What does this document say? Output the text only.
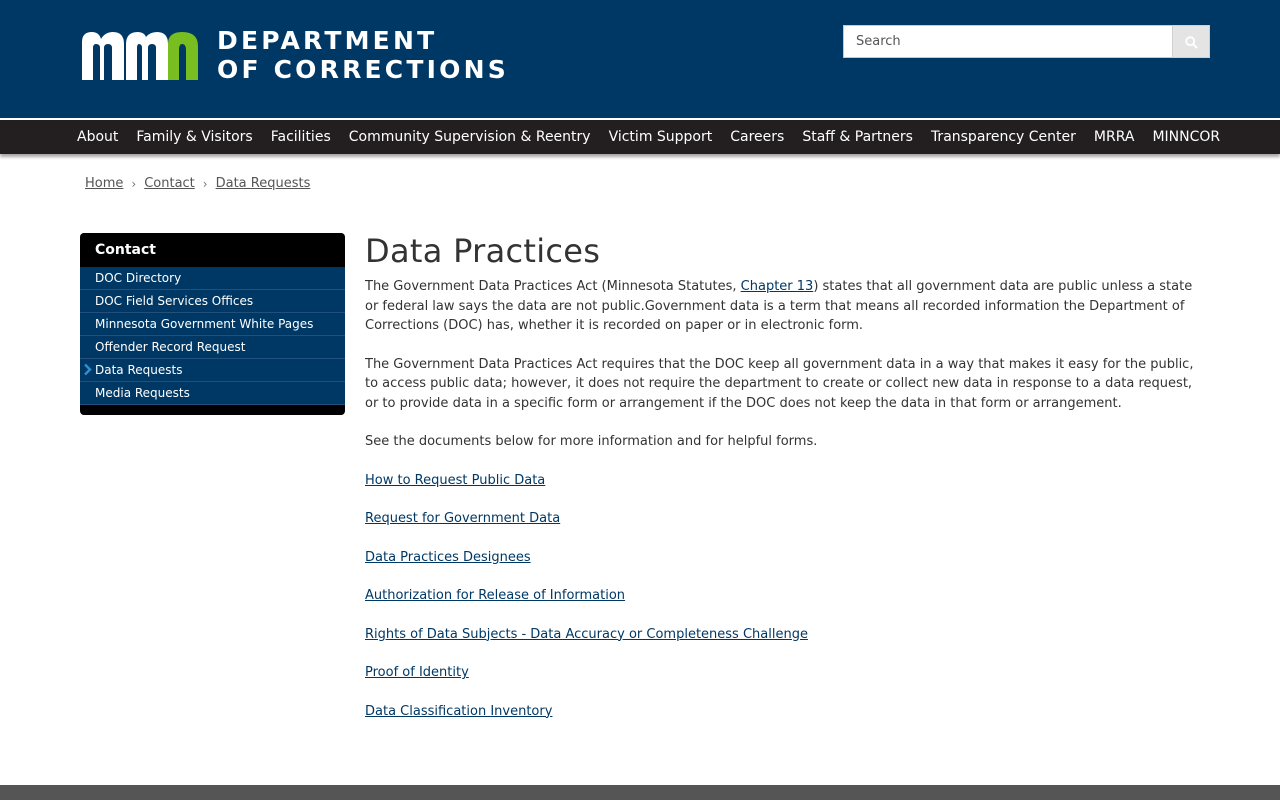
DEPARTMENT
OF CORRECTIONS
Search
About	Family & Visitors	Facilities	Community Supervision & Reentry	Victim Support	Careers	Staff & Partners	Transparency Center	MRRA	MINNCOR
Home › Contact › Data Requests
Contact
DOC Directory
DOC Field Services Offices
Minnesota Government White Pages
Offender Record Request
Data Requests
Media Requests
Data Practices

The Government Data Practices Act (Minnesota Statutes, Chapter 13) states that all government data are public unless a state or federal law says the data are not public.Government data is a term that means all recorded information the Department of Corrections (DOC) has, whether it is recorded on paper or in electronic form.

The Government Data Practices Act requires that the DOC keep all government data in a way that makes it easy for the public, to access public data; however, it does not require the department to create or collect new data in response to a data request, or to provide data in a specific form or arrangement if the DOC does not keep the data in that form or arrangement.

See the documents below for more information and for helpful forms.

How to Request Public Data
Request for Government Data
Data Practices Designees
Authorization for Release of Information
Rights of Data Subjects - Data Accuracy or Completeness Challenge
Proof of Identity
Data Classification Inventory
